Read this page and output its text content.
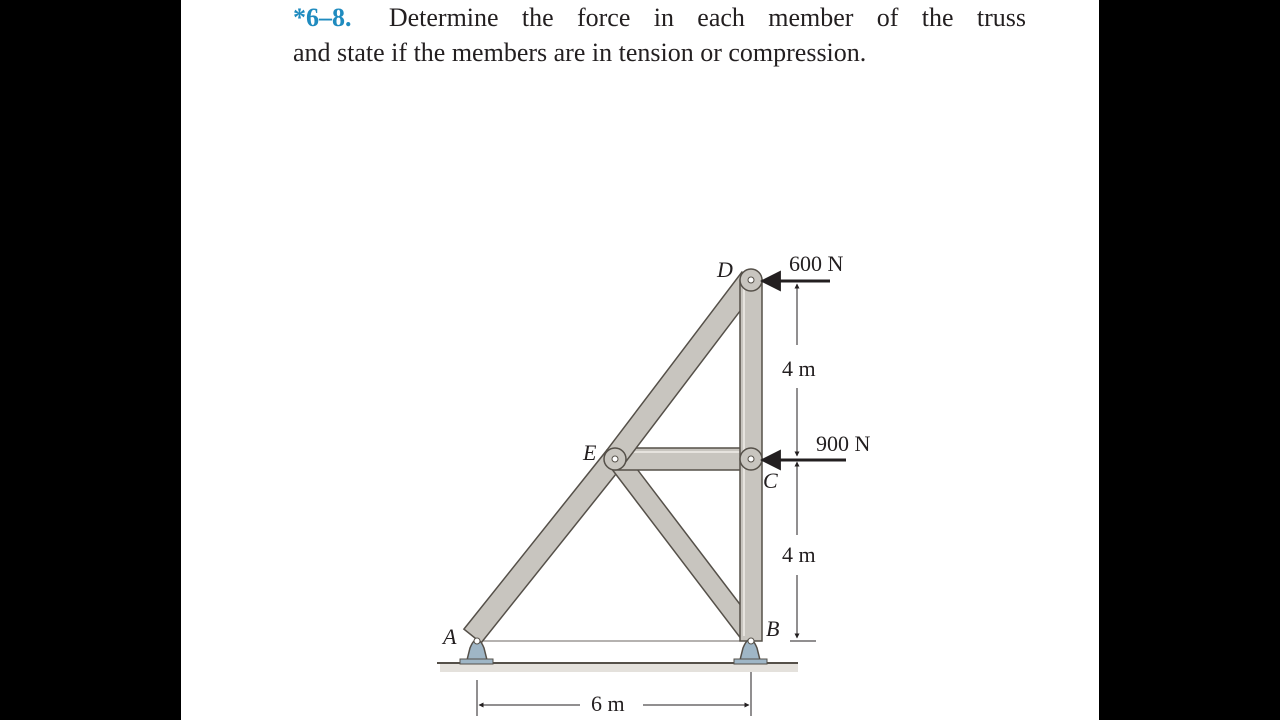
*6–8. Determine the force in each member of the truss
and state if the members are in tension or compression.
D
E
C
B
A
600 N
900 N
4 m
4 m
6 m
